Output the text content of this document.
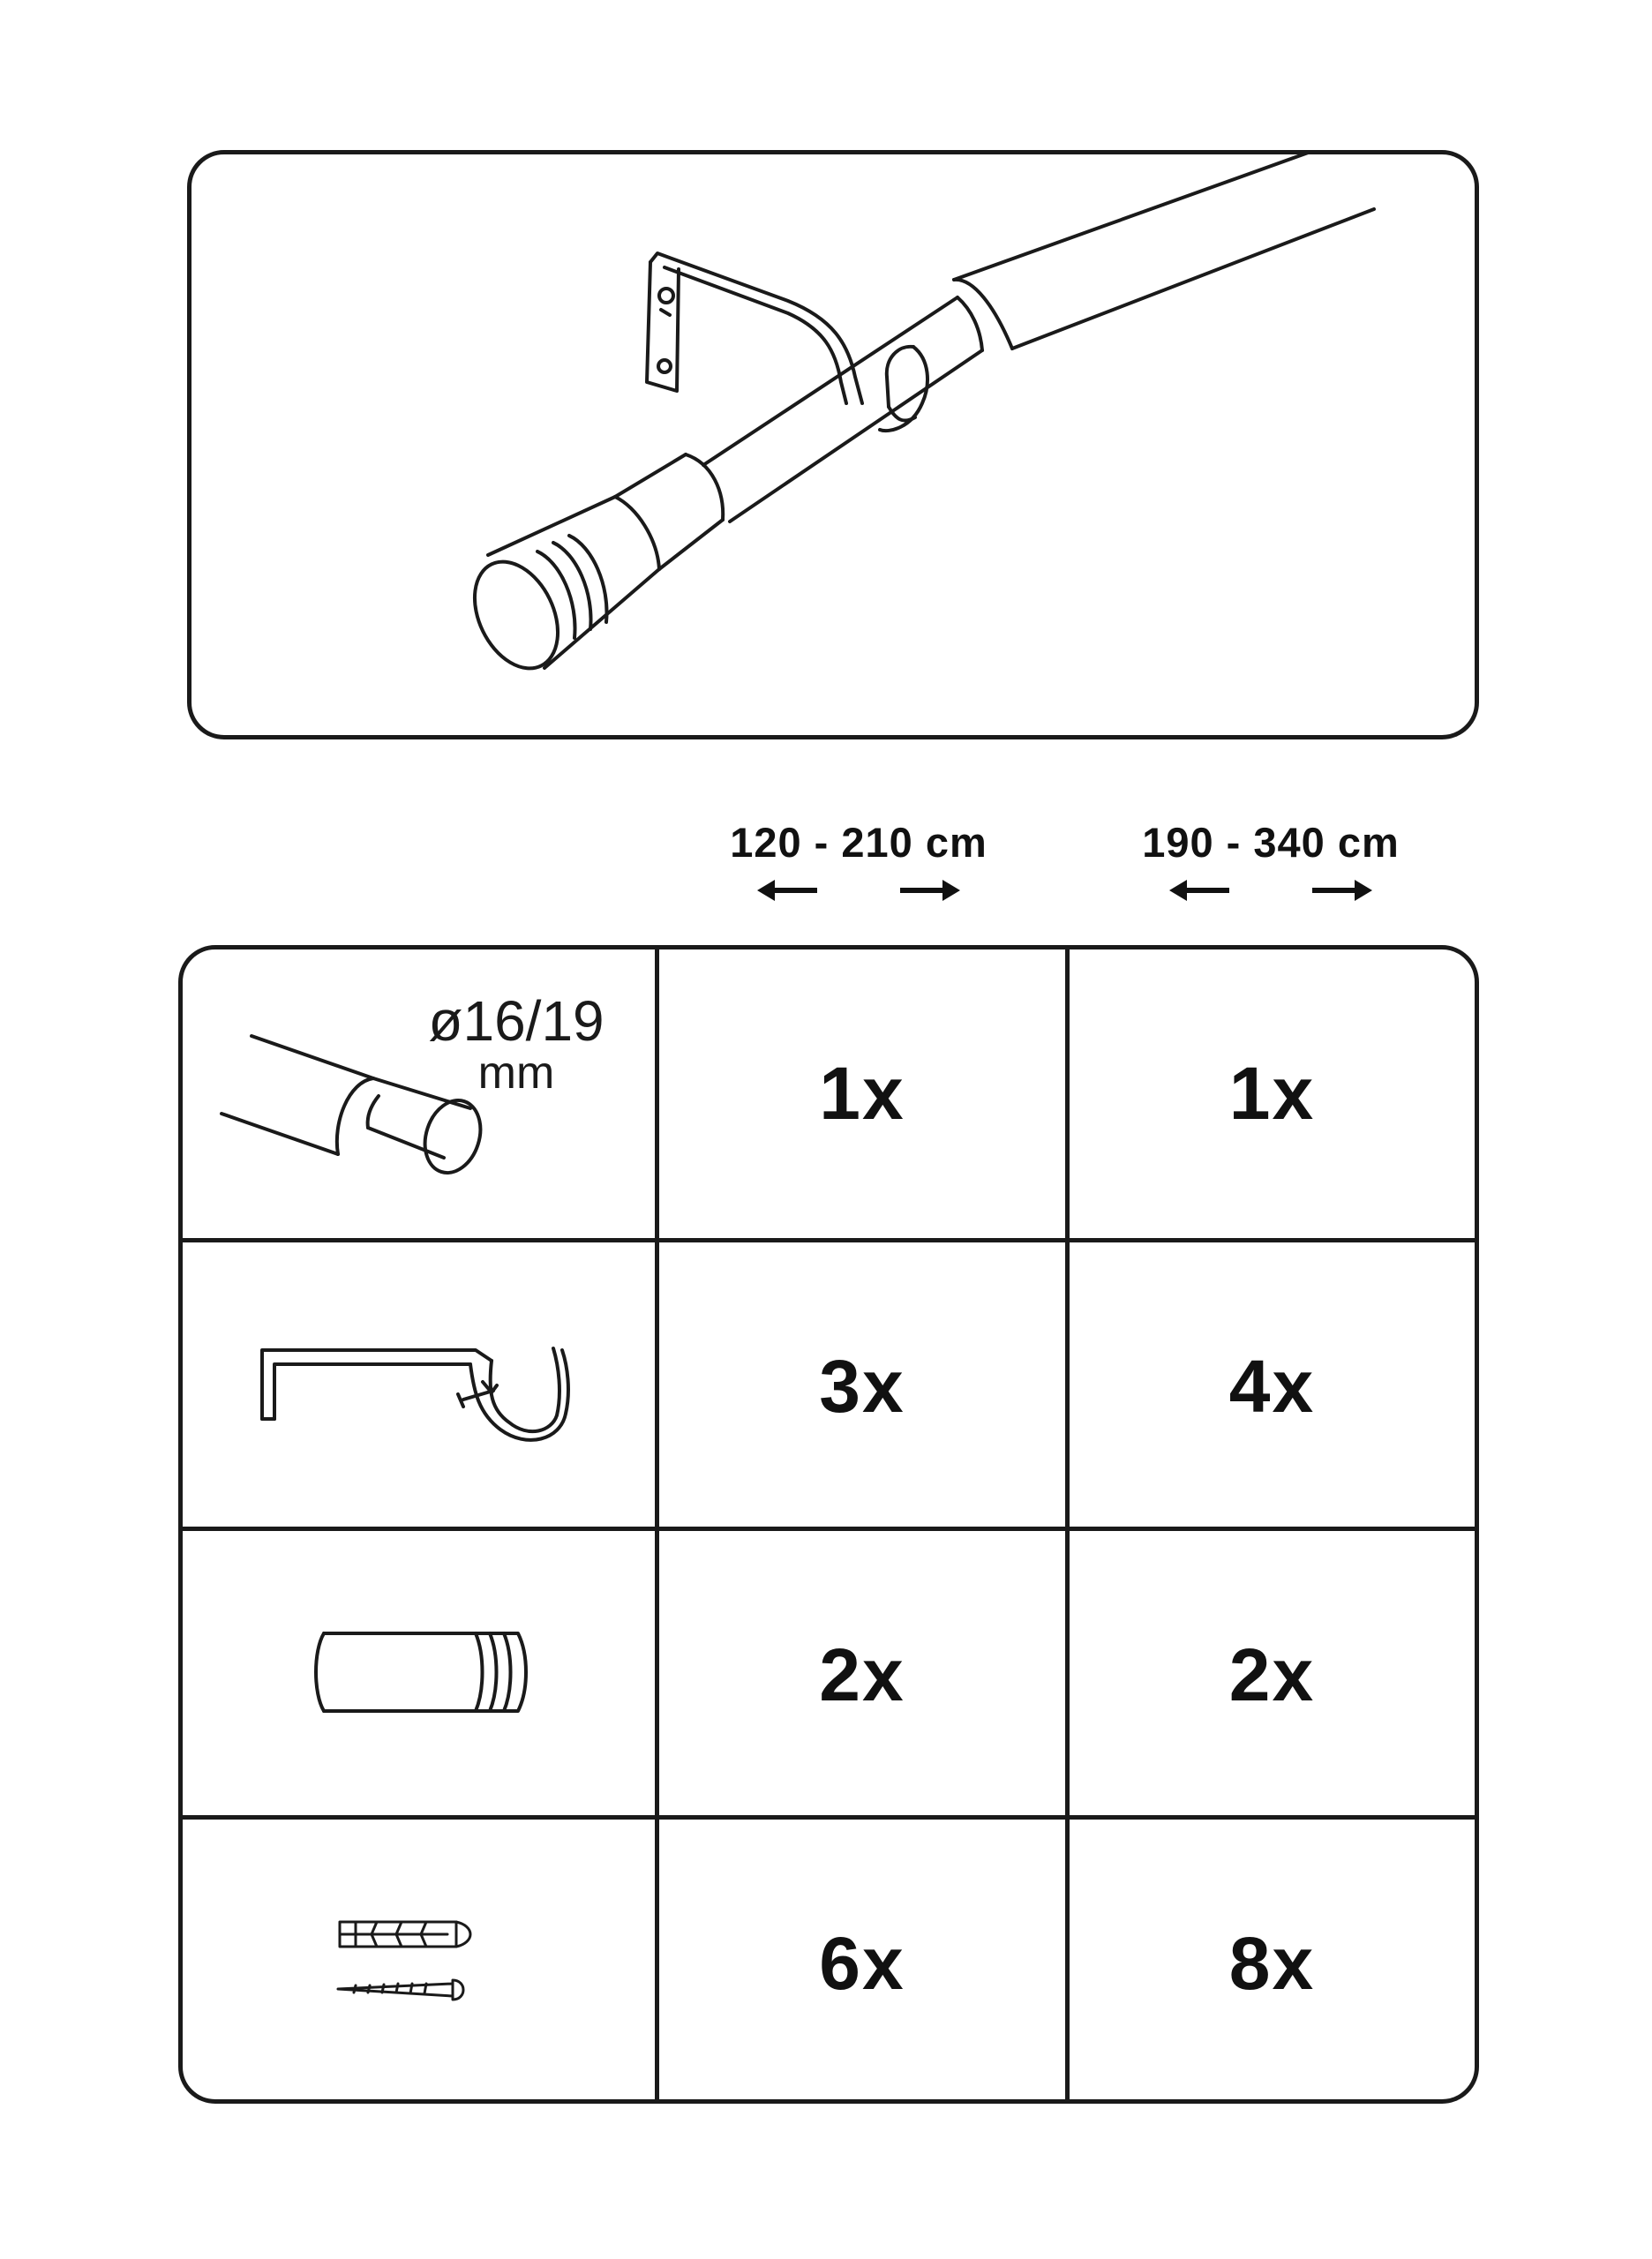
120 - 210 cm	190 - 340 cm
ø16/19
mm	1x	1x
3x	4x
2x	2x
6x	8x
